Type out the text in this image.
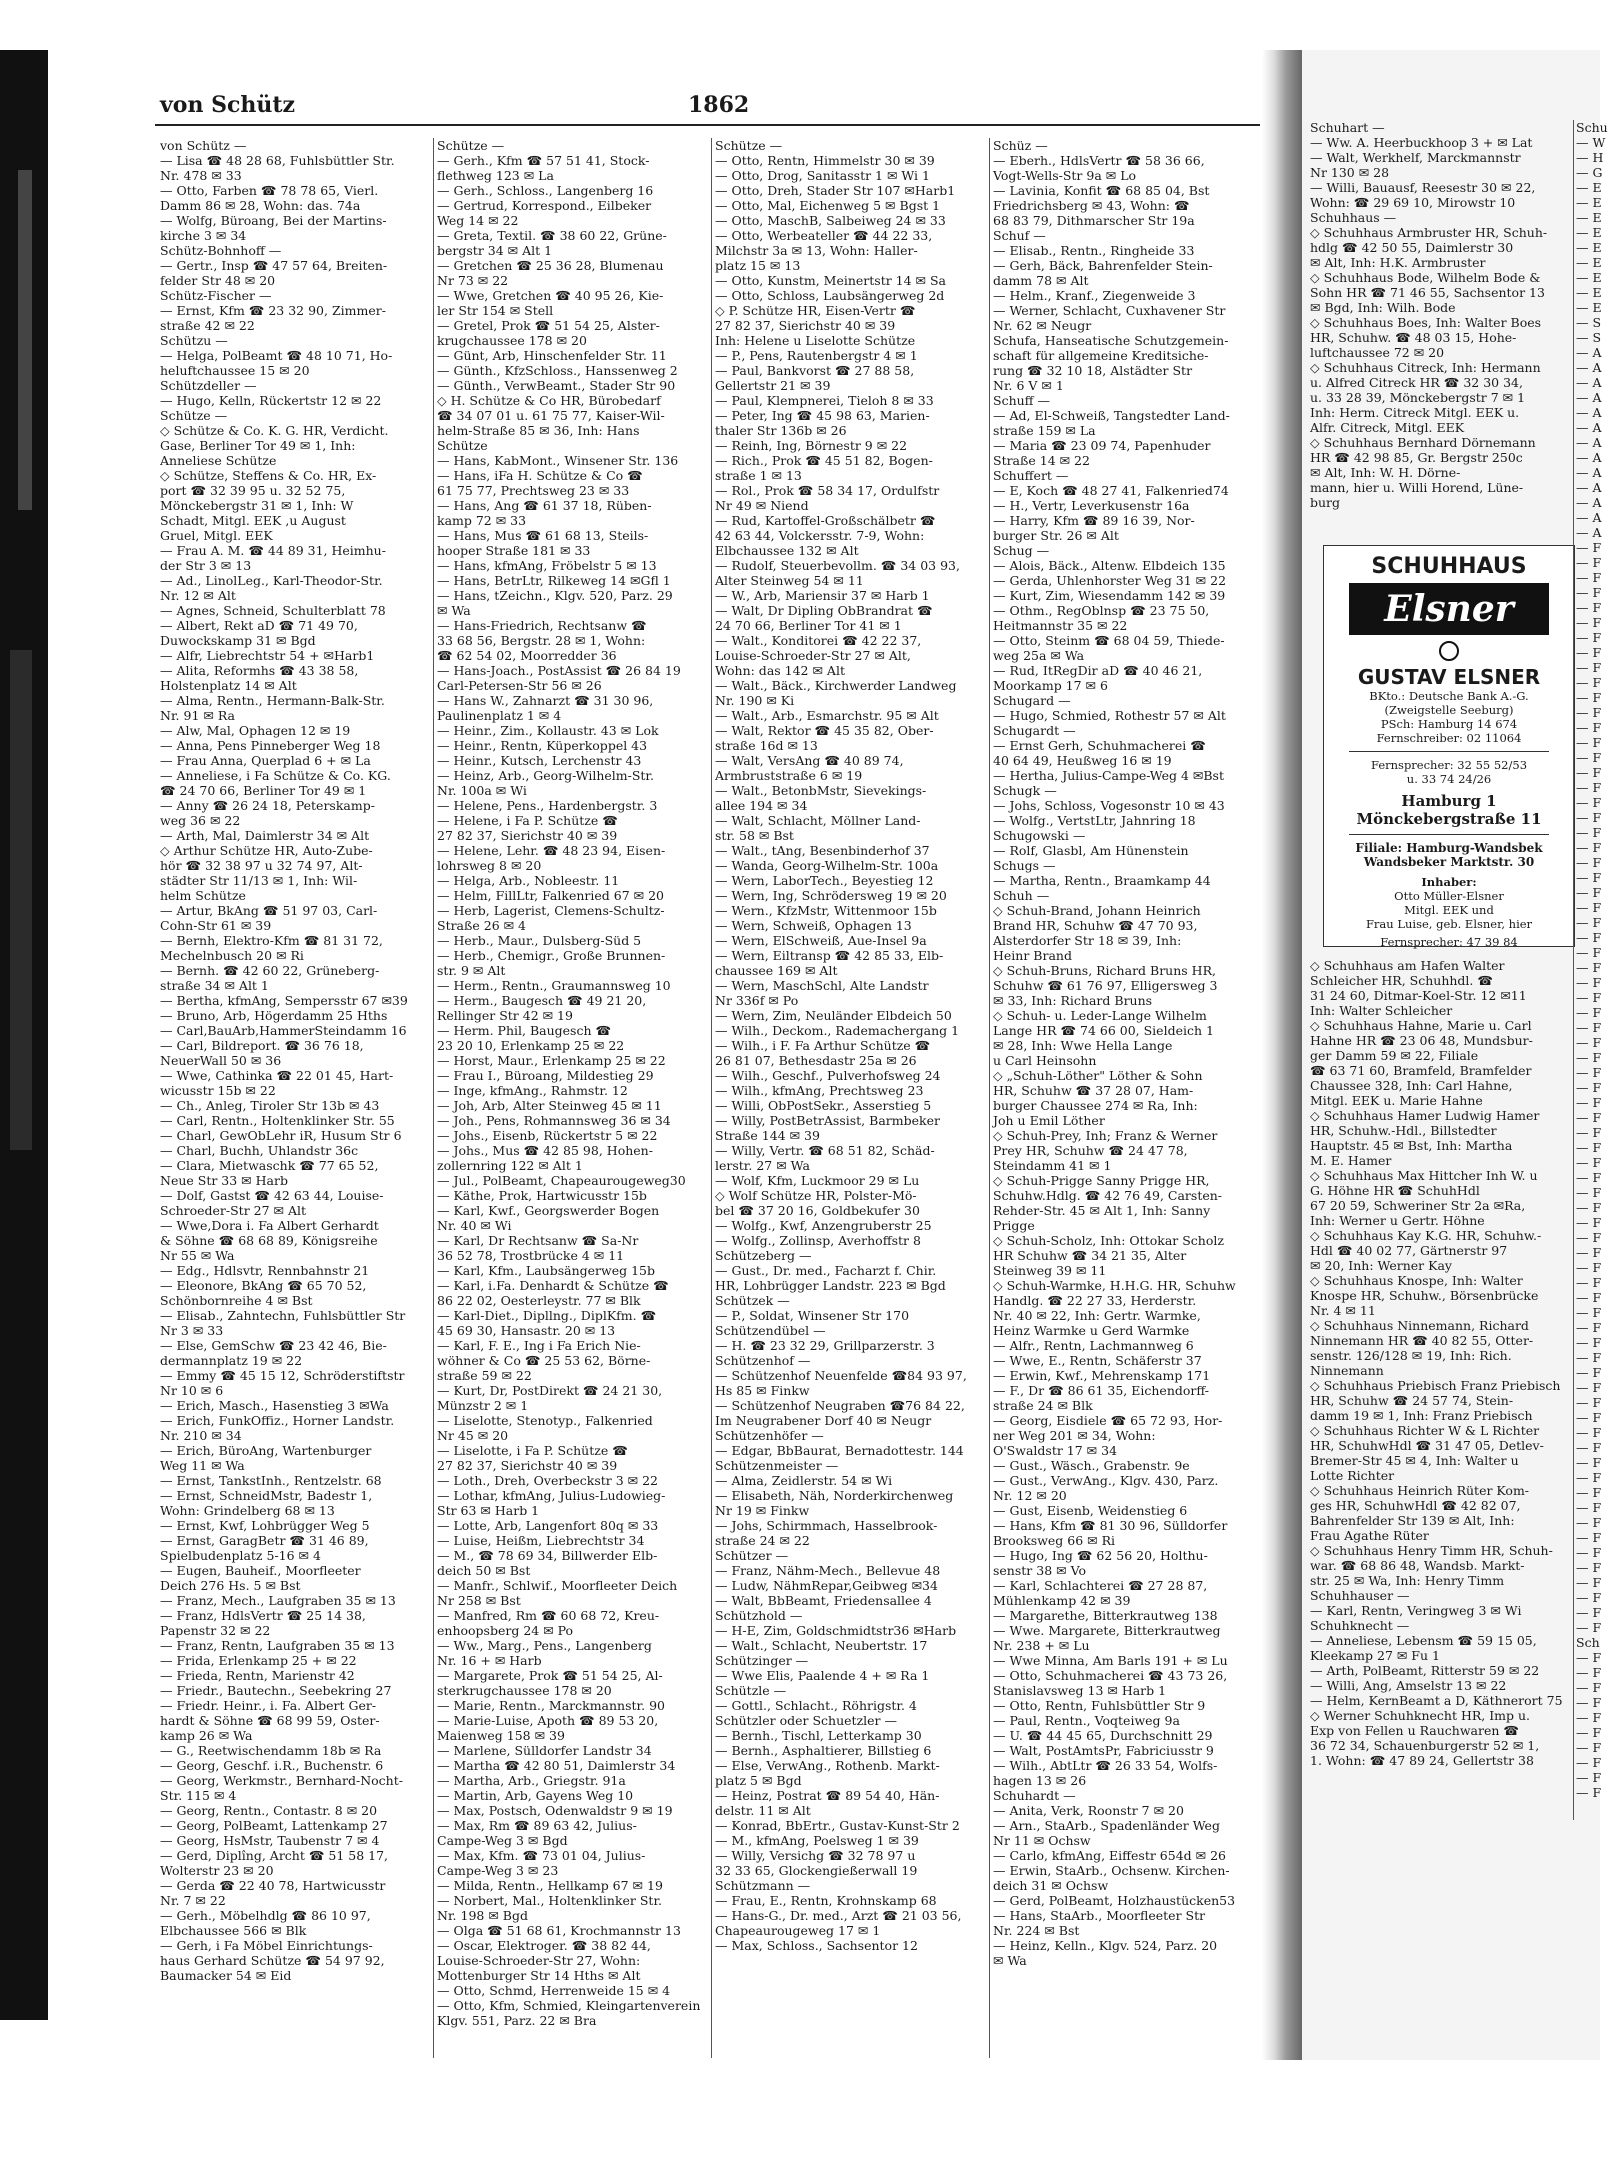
von Schütz	1862
von Schütz —
— Lisa ☎ 48 28 68, Fuhlsbüttler Str.
Nr. 478 ✉ 33
— Otto, Farben ☎ 78 78 65, Vierl.
Damm 86 ✉ 28, Wohn: das. 74a
— Wolfg, Büroang, Bei der Martins-
kirche 3 ✉ 34
Schütz-Bohnhoff —
— Gertr., Insp ☎ 47 57 64, Breiten-
felder Str 48 ✉ 20
Schütz-Fischer —
— Ernst, Kfm ☎ 23 32 90, Zimmer-
straße 42 ✉ 22
Schützu —
— Helga, PolBeamt ☎ 48 10 71, Ho-
heluftchaussee 15 ✉ 20
Schützdeller —
— Hugo, Kelln, Rückertstr 12 ✉ 22
Schütze —
◇ Schütze & Co. K. G. HR, Verdicht.
Gase, Berliner Tor 49 ✉ 1, Inh:
Anneliese Schütze
◇ Schütze, Steffens & Co. HR, Ex-
port ☎ 32 39 95 u. 32 52 75,
Mönckebergstr 31 ✉ 1, Inh: W
Schadt, Mitgl. EEK ,u August
Gruel, Mitgl. EEK
— Frau A. M. ☎ 44 89 31, Heimhu-
der Str 3 ✉ 13
— Ad., LinolLeg., Karl-Theodor-Str.
Nr. 12 ✉ Alt
— Agnes, Schneid, Schulterblatt 78
— Albert, Rekt aD ☎ 71 49 70,
Duwockskamp 31 ✉ Bgd
— Alfr, Liebrechtstr 54 + ✉Harb1
— Alita, Reformhs ☎ 43 38 58,
Holstenplatz 14 ✉ Alt
— Alma, Rentn., Hermann-Balk-Str.
Nr. 91 ✉ Ra
— Alw, Mal, Ophagen 12 ✉ 19
— Anna, Pens Pinneberger Weg 18
— Frau Anna, Querplad 6 + ✉ La
— Anneliese, i Fa Schütze & Co. KG.
☎ 24 70 66, Berliner Tor 49 ✉ 1
— Anny ☎ 26 24 18, Peterskamp-
weg 36 ✉ 22
— Arth, Mal, Daimlerstr 34 ✉ Alt
◇ Arthur Schütze HR, Auto-Zube-
hör ☎ 32 38 97 u 32 74 97, Alt-
städter Str 11/13 ✉ 1, Inh: Wil-
helm Schütze
— Artur, BkAng ☎ 51 97 03, Carl-
Cohn-Str 61 ✉ 39
— Bernh, Elektro-Kfm ☎ 81 31 72,
Mechelnbusch 20 ✉ Ri
— Bernh. ☎ 42 60 22, Grüneberg-
straße 34 ✉ Alt 1
— Bertha, kfmAng, Sempersstr 67 ✉39
— Bruno, Arb, Högerdamm 25 Hths
— Carl,BauArb,HammerSteindamm 16
— Carl, Bildreport. ☎ 36 76 18,
NeuerWall 50 ✉ 36
— Wwe, Cathinka ☎ 22 01 45, Hart-
wicusstr 15b ✉ 22
— Ch., Anleg, Tiroler Str 13b ✉ 43
— Carl, Rentn., Holtenklinker Str. 55
— Charl, GewObLehr iR, Husum Str 6
— Charl, Buchh, Uhlandstr 36c
— Clara, Mietwaschk ☎ 77 65 52,
Neue Str 33 ✉ Harb
— Dolf, Gastst ☎ 42 63 44, Louise-
Schroeder-Str 27 ✉ Alt
— Wwe,Dora i. Fa Albert Gerhardt
& Söhne ☎ 68 68 89, Königsreihe
Nr 55 ✉ Wa
— Edg., Hdlsvtr, Rennbahnstr 21
— Eleonore, BkAng ☎ 65 70 52,
Schönbornreihe 4 ✉ Bst
— Elisab., Zahntechn, Fuhlsbüttler Str
Nr 3 ✉ 33
— Else, GemSchw ☎ 23 42 46, Bie-
dermannplatz 19 ✉ 22
— Emmy ☎ 45 15 12, Schröderstiftstr
Nr 10 ✉ 6
— Erich, Masch., Hasenstieg 3 ✉Wa
— Erich, FunkOffiz., Horner Landstr.
Nr. 210 ✉ 34
— Erich, BüroAng, Wartenburger
Weg 11 ✉ Wa
— Ernst, TankstInh., Rentzelstr. 68
— Ernst, SchneidMstr, Badestr 1,
Wohn: Grindelberg 68 ✉ 13
— Ernst, Kwf, Lohbrügger Weg 5
— Ernst, GaragBetr ☎ 31 46 89,
Spielbudenplatz 5-16 ✉ 4
— Eugen, Bauheif., Moorfleeter
Deich 276 Hs. 5 ✉ Bst
— Franz, Mech., Laufgraben 35 ✉ 13
— Franz, HdlsVertr ☎ 25 14 38,
Papenstr 32 ✉ 22
— Franz, Rentn, Laufgraben 35 ✉ 13
— Frida, Erlenkamp 25 + ✉ 22
— Frieda, Rentn, Marienstr 42
— Friedr., Bautechn., Seebekring 27
— Friedr. Heinr., i. Fa. Albert Ger-
hardt & Söhne ☎ 68 99 59, Oster-
kamp 26 ✉ Wa
— G., Reetwischendamm 18b ✉ Ra
— Georg, Geschf. i.R., Buchenstr. 6
— Georg, Werkmstr., Bernhard-Nocht-
Str. 115 ✉ 4
— Georg, Rentn., Contastr. 8 ✉ 20
— Georg, PolBeamt, Lattenkamp 27
— Georg, HsMstr, Taubenstr 7 ✉ 4
— Gerd, Diplîng, Archt ☎ 51 58 17,
Wolterstr 23 ✉ 20
— Gerda ☎ 22 40 78, Hartwicusstr
Nr. 7 ✉ 22
— Gerh., Möbelhdlg ☎ 86 10 97,
Elbchaussee 566 ✉ Blk
— Gerh, i Fa Möbel Einrichtungs-
haus Gerhard Schütze ☎ 54 97 92,
Baumacker 54 ✉ Eid
Schütze —
— Gerh., Kfm ☎ 57 51 41, Stock-
flethweg 123 ✉ La
— Gerh., Schloss., Langenberg 16
— Gertrud, Korrespond., Eilbeker
Weg 14 ✉ 22
— Greta, Textil. ☎ 38 60 22, Grüne-
bergstr 34 ✉ Alt 1
— Gretchen ☎ 25 36 28, Blumenau
Nr 73 ✉ 22
— Wwe, Gretchen ☎ 40 95 26, Kie-
ler Str 154 ✉ Stell
— Gretel, Prok ☎ 51 54 25, Alster-
krugchaussee 178 ✉ 20
— Günt, Arb, Hinschenfelder Str. 11
— Günth., KfzSchloss., Hanssenweg 2
— Günth., VerwBeamt., Stader Str 90
◇ H. Schütze & Co HR, Bürobedarf
☎ 34 07 01 u. 61 75 77, Kaiser-Wil-
helm-Straße 85 ✉ 36, Inh: Hans
Schütze
— Hans, KabMont., Winsener Str. 136
— Hans, iFa H. Schütze & Co ☎
61 75 77, Prechtsweg 23 ✉ 33
— Hans, Ang ☎ 61 37 18, Rüben-
kamp 72 ✉ 33
— Hans, Mus ☎ 61 68 13, Steils-
hooper Straße 181 ✉ 33
— Hans, kfmAng, Fröbelstr 5 ✉ 13
— Hans, BetrLtr, Rilkeweg 14 ✉Gfl 1
— Hans, tZeichn., Klgv. 520, Parz. 29
✉ Wa
— Hans-Friedrich, Rechtsanw ☎
33 68 56, Bergstr. 28 ✉ 1, Wohn:
☎ 62 54 02, Moorredder 36
— Hans-Joach., PostAssist ☎ 26 84 19
Carl-Petersen-Str 56 ✉ 26
— Hans W., Zahnarzt ☎ 31 30 96,
Paulinenplatz 1 ✉ 4
— Heinr., Zim., Kollaustr. 43 ✉ Lok
— Heinr., Rentn, Küperkoppel 43
— Heinr., Kutsch, Lerchenstr 43
— Heinz, Arb., Georg-Wilhelm-Str.
Nr. 100a ✉ Wi
— Helene, Pens., Hardenbergstr. 3
— Helene, i Fa P. Schütze ☎
27 82 37, Sierichstr 40 ✉ 39
— Helene, Lehr. ☎ 48 23 94, Eisen-
lohrsweg 8 ✉ 20
— Helga, Arb., Nobleestr. 11
— Helm, FillLtr, Falkenried 67 ✉ 20
— Herb, Lagerist, Clemens-Schultz-
Straße 26 ✉ 4
— Herb., Maur., Dulsberg-Süd 5
— Herb., Chemigr., Große Brunnen-
str. 9 ✉ Alt
— Herm., Rentn., Graumannsweg 10
— Herm., Baugesch ☎ 49 21 20,
Rellinger Str 42 ✉ 19
— Herm. Phil, Baugesch ☎
23 20 10, Erlenkamp 25 ✉ 22
— Horst, Maur., Erlenkamp 25 ✉ 22
— Frau I., Büroang, Mildestieg 29
— Inge, kfmAng., Rahmstr. 12
— Joh, Arb, Alter Steinweg 45 ✉ 11
— Joh., Pens, Rohmannsweg 36 ✉ 34
— Johs., Eisenb, Rückertstr 5 ✉ 22
— Johs., Mus ☎ 42 85 98, Hohen-
zollernring 122 ✉ Alt 1
— Jul., PolBeamt, Chapeaurougeweg30
— Käthe, Prok, Hartwicusstr 15b
— Karl, Kwf., Georgswerder Bogen
Nr. 40 ✉ Wi
— Karl, Dr Rechtsanw ☎ Sa-Nr
36 52 78, Trostbrücke 4 ✉ 11
— Karl, Kfm., Laubsängerweg 15b
— Karl, i.Fa. Denhardt & Schütze ☎
86 22 02, Oesterleystr. 77 ✉ Blk
— Karl-Diet., Dipllng., DiplKfm. ☎
45 69 30, Hansastr. 20 ✉ 13
— Karl, F. E., Ing i Fa Erich Nie-
wöhner & Co ☎ 25 53 62, Börne-
straße 59 ✉ 22
— Kurt, Dr, PostDirekt ☎ 24 21 30,
Münzstr 2 ✉ 1
— Liselotte, Stenotyp., Falkenried
Nr 45 ✉ 20
— Liselotte, i Fa P. Schütze ☎
27 82 37, Sierichstr 40 ✉ 39
— Loth., Dreh, Overbeckstr 3 ✉ 22
— Lothar, kfmAng, Julius-Ludowieg-
Str 63 ✉ Harb 1
— Lotte, Arb, Langenfort 80q ✉ 33
— Luise, Heißm, Liebrechtstr 34
— M., ☎ 78 69 34, Billwerder Elb-
deich 50 ✉ Bst
— Manfr., Schlwif., Moorfleeter Deich
Nr 258 ✉ Bst
— Manfred, Rm ☎ 60 68 72, Kreu-
enhoopsberg 24 ✉ Po
— Ww., Marg., Pens., Langenberg
Nr. 16 + ✉ Harb
— Margarete, Prok ☎ 51 54 25, Al-
sterkrugchaussee 178 ✉ 20
— Marie, Rentn., Marckmannstr. 90
— Marie-Luise, Apoth ☎ 89 53 20,
Maienweg 158 ✉ 39
— Marlene, Sülldorfer Landstr 34
— Martha ☎ 42 80 51, Daimlerstr 34
— Martha, Arb., Griegstr. 91a
— Martin, Arb, Gayens Weg 10
— Max, Postsch, Odenwaldstr 9 ✉ 19
— Max, Rm ☎ 89 63 42, Julius-
Campe-Weg 3 ✉ Bgd
— Max, Kfm. ☎ 73 01 04, Julius-
Campe-Weg 3 ✉ 23
— Milda, Rentn., Hellkamp 67 ✉ 19
— Norbert, Mal., Holtenklinker Str.
Nr. 198 ✉ Bgd
— Olga ☎ 51 68 61, Krochmannstr 13
— Oscar, Elektroger. ☎ 38 82 44,
Louise-Schroeder-Str 27, Wohn:
Mottenburger Str 14 Hths ✉ Alt
— Otto, Schmd, Herrenweide 15 ✉ 4
— Otto, Kfm, Schmied, Kleingartenverein
Klgv. 551, Parz. 22 ✉ Bra
Schütze —
— Otto, Rentn, Himmelstr 30 ✉ 39
— Otto, Drog, Sanitasstr 1 ✉ Wi 1
— Otto, Dreh, Stader Str 107 ✉Harb1
— Otto, Mal, Eichenweg 5 ✉ Bgst 1
— Otto, MaschB, Salbeiweg 24 ✉ 33
— Otto, Werbeateller ☎ 44 22 33,
Milchstr 3a ✉ 13, Wohn: Haller-
platz 15 ✉ 13
— Otto, Kunstm, Meinertstr 14 ✉ Sa
— Otto, Schloss, Laubsängerweg 2d
◇ P. Schütze HR, Eisen-Vertr ☎
27 82 37, Sierichstr 40 ✉ 39
Inh: Helene u Liselotte Schütze
— P., Pens, Rautenbergstr 4 ✉ 1
— Paul, Bankvorst ☎ 27 88 58,
Gellertstr 21 ✉ 39
— Paul, Klempnerei, Tieloh 8 ✉ 33
— Peter, Ing ☎ 45 98 63, Marien-
thaler Str 136b ✉ 26
— Reinh, Ing, Börnestr 9 ✉ 22
— Rich., Prok ☎ 45 51 82, Bogen-
straße 1 ✉ 13
— Rol., Prok ☎ 58 34 17, Ordulfstr
Nr 49 ✉ Niend
— Rud, Kartoffel-Großschälbetr ☎
42 63 44, Volckersstr. 7-9, Wohn:
Elbchaussee 132 ✉ Alt
— Rudolf, Steuerbevollm. ☎ 34 03 93,
Alter Steinweg 54 ✉ 11
— W., Arb, Mariensir 37 ✉ Harb 1
— Walt, Dr Dipling ObBrandrat ☎
24 70 66, Berliner Tor 41 ✉ 1
— Walt., Konditorei ☎ 42 22 37,
Louise-Schroeder-Str 27 ✉ Alt,
Wohn: das 142 ✉ Alt
— Walt., Bäck., Kirchwerder Landweg
Nr. 190 ✉ Ki
— Walt., Arb., Esmarchstr. 95 ✉ Alt
— Walt, Rektor ☎ 45 35 82, Ober-
straße 16d ✉ 13
— Walt, VersAng ☎ 40 89 74,
Armbruststraße 6 ✉ 19
— Walt., BetonbMstr, Sievekings-
allee 194 ✉ 34
— Walt, Schlacht, Möllner Land-
str. 58 ✉ Bst
— Walt., tAng, Besenbinderhof 37
— Wanda, Georg-Wilhelm-Str. 100a
— Wern, LaborTech., Beyestieg 12
— Wern, Ing, Schrödersweg 19 ✉ 20
— Wern., KfzMstr, Wittenmoor 15b
— Wern, Schweiß, Ophagen 13
— Wern, ElSchweiß, Aue-Insel 9a
— Wern, Eiltransp ☎ 42 85 33, Elb-
chaussee 169 ✉ Alt
— Wern, MaschSchl, Alte Landstr
Nr 336f ✉ Po
— Wern, Zim, Neuländer Elbdeich 50
— Wilh., Deckom., Rademachergang 1
— Wilh., i F. Fa Arthur Schütze ☎
26 81 07, Bethesdastr 25a ✉ 26
— Wilh., Geschf., Pulverhofsweg 24
— Wilh., kfmAng, Prechtsweg 23
— Willi, ObPostSekr., Asserstieg 5
— Willy, PostBetrAssist, Barmbeker
Straße 144 ✉ 39
— Willy, Vertr. ☎ 68 51 82, Schäd-
lerstr. 27 ✉ Wa
— Wolf, Kfm, Luckmoor 29 ✉ Lu
◇ Wolf Schütze HR, Polster-Mö-
bel ☎ 37 20 16, Goldbekufer 30
— Wolfg., Kwf, Anzengruberstr 25
— Wolfg., Zollinsp, Averhoffstr 8
Schützeberg —
— Gust., Dr. med., Facharzt f. Chir.
HR, Lohbrügger Landstr. 223 ✉ Bgd
Schützek —
— P., Soldat, Winsener Str 170
Schützendübel —
— H. ☎ 23 32 29, Grillparzerstr. 3
Schützenhof —
— Schützenhof Neuenfelde ☎84 93 97,
Hs 85 ✉ Finkw
— Schützenhof Neugraben ☎76 84 22,
Im Neugrabener Dorf 40 ✉ Neugr
Schützenhöfer —
— Edgar, BbBaurat, Bernadottestr. 144
Schützenmeister —
— Alma, Zeidlerstr. 54 ✉ Wi
— Elisabeth, Näh, Norderkirchenweg
Nr 19 ✉ Finkw
— Johs, Schirmmach, Hasselbrook-
straße 24 ✉ 22
Schützer —
— Franz, Nähm-Mech., Bellevue 48
— Ludw, NähmRepar,Geibweg ✉34
— Walt, BbBeamt, Friedensallee 4
Schützhold —
— H-E, Zim, Goldschmidtstr36 ✉Harb
— Walt., Schlacht, Neubertstr. 17
Schützinger —
— Wwe Elis, Paalende 4 + ✉ Ra 1
Schützle —
— Gottl., Schlacht., Röhrigstr. 4
Schützler oder Schuetzler —
— Bernh., Tischl, Letterkamp 30
— Bernh., Asphaltierer, Billstieg 6
— Else, VerwAng., Rothenb. Markt-
platz 5 ✉ Bgd
— Heinz, Postrat ☎ 89 54 40, Hän-
delstr. 11 ✉ Alt
— Konrad, BbErtr., Gustav-Kunst-Str 2
— M., kfmAng, Poelsweg 1 ✉ 39
— Willy, Versichg ☎ 32 78 97 u
32 33 65, Glockengießerwall 19
Schützmann —
— Frau, E., Rentn, Krohnskamp 68
— Hans-G., Dr. med., Arzt ☎ 21 03 56,
Chapeaurougeweg 17 ✉ 1
— Max, Schloss., Sachsentor 12
Schüz —
— Eberh., HdlsVertr ☎ 58 36 66,
Vogt-Wells-Str 9a ✉ Lo
— Lavinia, Konfit ☎ 68 85 04, Bst
Friedrichsberg ✉ 43, Wohn: ☎
68 83 79, Dithmarscher Str 19a
Schuf —
— Elisab., Rentn., Ringheide 33
— Gerh, Bäck, Bahrenfelder Stein-
damm 78 ✉ Alt
— Helm., Kranf., Ziegenweide 3
— Werner, Schlacht, Cuxhavener Str
Nr. 62 ✉ Neugr
Schufa, Hanseatische Schutzgemein-
schaft für allgemeine Kreditsiche-
rung ☎ 32 10 18, Alstädter Str
Nr. 6 V ✉ 1
Schuff —
— Ad, El-Schweiß, Tangstedter Land-
straße 159 ✉ La
— Maria ☎ 23 09 74, Papenhuder
Straße 14 ✉ 22
Schuffert —
— E, Koch ☎ 48 27 41, Falkenried74
— H., Vertr, Leverkusenstr 16a
— Harry, Kfm ☎ 89 16 39, Nor-
burger Str. 26 ✉ Alt
Schug —
— Alois, Bäck., Altenw. Elbdeich 135
— Gerda, Uhlenhorster Weg 31 ✉ 22
— Kurt, Zim, Wiesendamm 142 ✉ 39
— Othm., RegOblnsp ☎ 23 75 50,
Heitmannstr 35 ✉ 22
— Otto, Steinm ☎ 68 04 59, Thiede-
weg 25a ✉ Wa
— Rud, ItRegDir aD ☎ 40 46 21,
Moorkamp 17 ✉ 6
Schugard —
— Hugo, Schmied, Rothestr 57 ✉ Alt
Schugardt —
— Ernst Gerh, Schuhmacherei ☎
40 64 49, Heußweg 16 ✉ 19
— Hertha, Julius-Campe-Weg 4 ✉Bst
Schugk —
— Johs, Schloss, Vogesonstr 10 ✉ 43
— Wolfg., VertstLtr, Jahnring 18
Schugowski —
— Rolf, Glasbl, Am Hünenstein
Schugs —
— Martha, Rentn., Braamkamp 44
Schuh —
◇ Schuh-Brand, Johann Heinrich
Brand HR, Schuhw ☎ 47 70 93,
Alsterdorfer Str 18 ✉ 39, Inh:
Heinr Brand
◇ Schuh-Bruns, Richard Bruns HR,
Schuhw ☎ 61 76 97, Elligersweg 3
✉ 33, Inh: Richard Bruns
◇ Schuh- u. Leder-Lange Wilhelm
Lange HR ☎ 74 66 00, Sieldeich 1
✉ 28, Inh: Wwe Hella Lange
u Carl Heinsohn
◇ „Schuh-Löther" Löther & Sohn
HR, Schuhw ☎ 37 28 07, Ham-
burger Chaussee 274 ✉ Ra, Inh:
Joh u Emil Löther
◇ Schuh-Prey, Inh; Franz & Werner
Prey HR, Schuhw ☎ 24 47 78,
Steindamm 41 ✉ 1
◇ Schuh-Prigge Sanny Prigge HR,
Schuhw.Hdlg. ☎ 42 76 49, Carsten-
Rehder-Str. 45 ✉ Alt 1, Inh: Sanny
Prigge
◇ Schuh-Scholz, Inh: Ottokar Scholz
HR Schuhw ☎ 34 21 35, Alter
Steinweg 39 ✉ 11
◇ Schuh-Warmke, H.H.G. HR, Schuhw
Handlg. ☎ 22 27 33, Herderstr.
Nr. 40 ✉ 22, Inh: Gertr. Warmke,
Heinz Warmke u Gerd Warmke
— Alfr., Rentn, Lachmannweg 6
— Wwe, E., Rentn, Schäferstr 37
— Erwin, Kwf., Mehrenskamp 171
— F., Dr ☎ 86 61 35, Eichendorff-
straße 24 ✉ Blk
— Georg, Eisdiele ☎ 65 72 93, Hor-
ner Weg 201 ✉ 34, Wohn:
O'Swaldstr 17 ✉ 34
— Gust., Wäsch., Grabenstr. 9e
— Gust., VerwAng., Klgv. 430, Parz.
Nr. 12 ✉ 20
— Gust, Eisenb, Weidenstieg 6
— Hans, Kfm ☎ 81 30 96, Sülldorfer
Brooksweg 66 ✉ Ri
— Hugo, Ing ☎ 62 56 20, Holthu-
senstr 38 ✉ Vo
— Karl, Schlachterei ☎ 27 28 87,
Mühlenkamp 42 ✉ 39
— Margarethe, Bitterkrautweg 138
— Wwe. Margarete, Bitterkrautweg
Nr. 238 + ✉ Lu
— Wwe Minna, Am Barls 191 + ✉ Lu
— Otto, Schuhmacherei ☎ 43 73 26,
Stanislavsweg 13 ✉ Harb 1
— Otto, Rentn, Fuhlsbüttler Str 9
— Paul, Rentn., Voqteiweg 9a
— U. ☎ 44 45 65, Durchschnitt 29
— Walt, PostAmtsPr, Fabriciusstr 9
— Wilh., AbtLtr ☎ 26 33 54, Wolfs-
hagen 13 ✉ 26
Schuhardt —
— Anita, Verk, Roonstr 7 ✉ 20
— Arn., StaArb., Spadenländer Weg
Nr 11 ✉ Ochsw
— Carlo, kfmAng, Eiffestr 654d ✉ 26
— Erwin, StaArb., Ochsenw. Kirchen-
deich 31 ✉ Ochsw
— Gerd, PolBeamt, Holzhaustücken53
— Hans, StaArb., Moorfleeter Str
Nr. 224 ✉ Bst
— Heinz, Kelln., Klgv. 524, Parz. 20
✉ Wa
Schuhart —
— Ww. A. Heerbuckhoop 3 + ✉ Lat
— Walt, Werkhelf, Marckmannstr
Nr 130 ✉ 28
— Willi, Bauausf, Reesestr 30 ✉ 22,
Wohn: ☎ 29 69 10, Mirowstr 10
Schuhhaus —
◇ Schuhhaus Armbruster HR, Schuh-
hdlg ☎ 42 50 55, Daimlerstr 30
✉ Alt, Inh: H.K. Armbruster
◇ Schuhhaus Bode, Wilhelm Bode &
Sohn HR ☎ 71 46 55, Sachsentor 13
✉ Bgd, Inh: Wilh. Bode
◇ Schuhhaus Boes, Inh: Walter Boes
HR, Schuhw. ☎ 48 03 15, Hohe-
luftchaussee 72 ✉ 20
◇ Schuhhaus Citreck, Inh: Hermann
u. Alfred Citreck HR ☎ 32 30 34,
u. 33 28 39, Mönckebergstr 7 ✉ 1
Inh: Herm. Citreck Mitgl. EEK u.
Alfr. Citreck, Mitgl. EEK
◇ Schuhhaus Bernhard Dörnemann
HR ☎ 42 98 85, Gr. Bergstr 250c
✉ Alt, Inh: W. H. Dörne-
mann, hier u. Willi Horend, Lüne-
burg
SCHUHHAUS
Elsner
GUSTAV ELSNER
BKto.: Deutsche Bank A.-G.
(Zweigstelle Seeburg)
PSch: Hamburg 14 674
Fernschreiber: 02 11064
Fernsprecher: 32 55 52/53
u. 33 74 24/26
Hamburg 1
Mönckebergstraße 11
Filiale: Hamburg-Wandsbek
Wandsbeker Marktstr. 30
Inhaber:
Otto Müller-Elsner
Mitgl. EEK und
Frau Luise, geb. Elsner, hier
Fernsprecher: 47 39 84
◇ Schuhhaus am Hafen Walter
Schleicher HR, Schuhhdl. ☎
31 24 60, Ditmar-Koel-Str. 12 ✉11
Inh: Walter Schleicher
◇ Schuhhaus Hahne, Marie u. Carl
Hahne HR ☎ 23 06 48, Mundsbur-
ger Damm 59 ✉ 22, Filiale
☎ 63 71 60, Bramfeld, Bramfelder
Chaussee 328, Inh: Carl Hahne,
Mitgl. EEK u. Marie Hahne
◇ Schuhhaus Hamer Ludwig Hamer
HR, Schuhw.-Hdl., Billstedter
Hauptstr. 45 ✉ Bst, Inh: Martha
M. E. Hamer
◇ Schuhhaus Max Hittcher Inh W. u
G. Höhne HR ☎ SchuhHdl
67 20 59, Schweriner Str 2a ✉Ra,
Inh: Werner u Gertr. Höhne
◇ Schuhhaus Kay K.G. HR, Schuhw.-
Hdl ☎ 40 02 77, Gärtnerstr 97
✉ 20, Inh: Werner Kay
◇ Schuhhaus Knospe, Inh: Walter
Knospe HR, Schuhw., Börsenbrücke
Nr. 4 ✉ 11
◇ Schuhhaus Ninnemann, Richard
Ninnemann HR ☎ 40 82 55, Otter-
senstr. 126/128 ✉ 19, Inh: Rich.
Ninnemann
◇ Schuhhaus Priebisch Franz Priebisch
HR, Schuhw ☎ 24 57 74, Stein-
damm 19 ✉ 1, Inh: Franz Priebisch
◇ Schuhhaus Richter W & L Richter
HR, SchuhwHdl ☎ 31 47 05, Detlev-
Bremer-Str 45 ✉ 4, Inh: Walter u
Lotte Richter
◇ Schuhhaus Heinrich Rüter Kom-
ges HR, SchuhwHdl ☎ 42 82 07,
Bahrenfelder Str 139 ✉ Alt, Inh:
Frau Agathe Rüter
◇ Schuhhaus Henry Timm HR, Schuh-
war. ☎ 68 86 48, Wandsb. Markt-
str. 25 ✉ Wa, Inh: Henry Timm
Schuhhauser —
— Karl, Rentn, Veringweg 3 ✉ Wi
Schuhknecht —
— Anneliese, Lebensm ☎ 59 15 05,
Kleekamp 27 ✉ Fu 1
— Arth, PolBeamt, Ritterstr 59 ✉ 22
— Willi, Ang, Amselstr 13 ✉ 22
— Helm, KernBeamt a D, Käthnerort 75
◇ Werner Schuhknecht HR, Imp u.
Exp von Fellen u Rauchwaren ☎
36 72 34, Schauenburgerstr 52 ✉ 1,
1. Wohn: ☎ 47 89 24, Gellertstr 38
Schu
— W
— H
— G
— E
— E
— E
— E
— E
— E
— E
— E
— E
— S
— S
— A
— A
— A
— A
— A
— A
— A
— A
— A
— A
— A
— A
— A
— F
— F
— F
— F
— F
— F
— F
— F
— F
— F
— F
— F
— F
— F
— F
— F
— F
— F
— F
— F
— F
— F
— F
— F
— F
— F
— F
— F
— F
— F
— F
— F
— F
— F
— F
— F
— F
— F
— F
— F
— F
— F
— F
— F
— F
— F
— F
— F
— F
— F
— F
— F
— F
— F
— F
— F
— F
— F
— F
— F
— F
— F
— F
— F
— F
— F
— F
— F
— F
— F
— F
— F
— F
Sch
— F
— F
— F
— F
— F
— F
— F
— F
— F
— F
